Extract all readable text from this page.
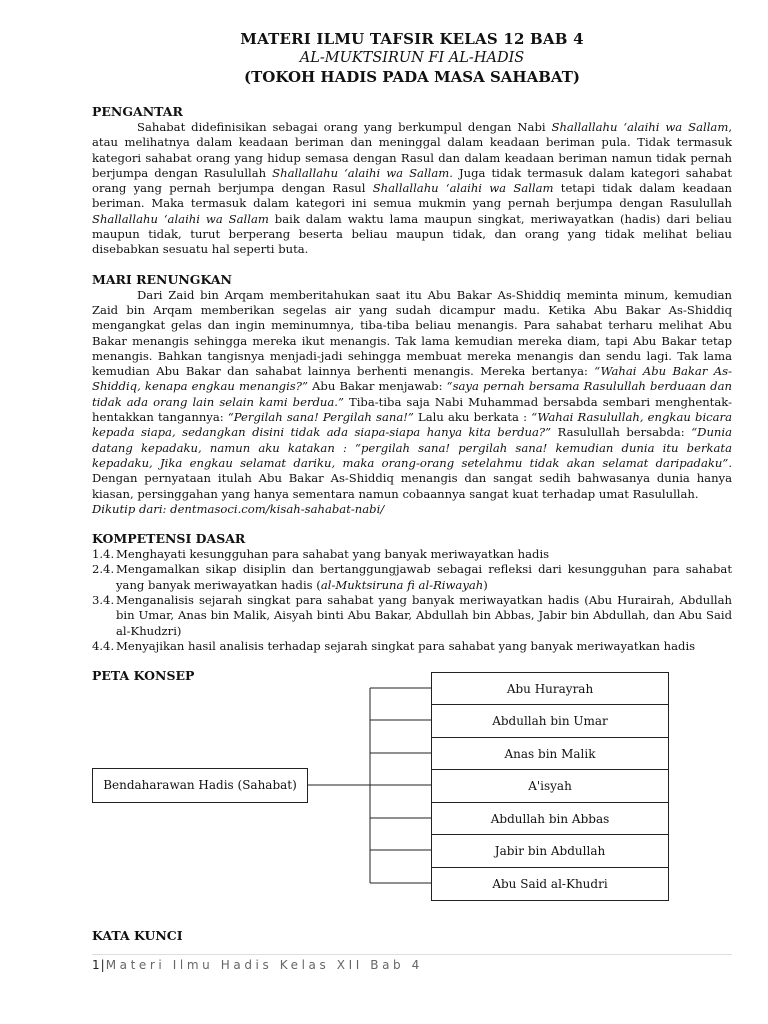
MATERI ILMU TAFSIR KELAS 12 BAB 4
AL-MUKTSIRUN FI AL-HADIS
(TOKOH HADIS PADA MASA SAHABAT)
PENGANTAR

Sahabat didefinisikan sebagai orang yang berkumpul dengan Nabi Shallallahu ‘alaihi wa Sallam, atau melihatnya dalam keadaan beriman dan meninggal dalam keadaan beriman pula. Tidak termasuk kategori sahabat orang yang hidup semasa dengan Rasul dan dalam keadaan beriman namun tidak pernah berjumpa dengan Rasulullah Shallallahu ‘alaihi wa Sallam. Juga tidak termasuk dalam kategori sahabat orang yang pernah berjumpa dengan Rasul Shallallahu ‘alaihi wa Sallam tetapi tidak dalam keadaan beriman. Maka termasuk dalam kategori ini semua mukmin yang pernah berjumpa dengan Rasulullah Shallallahu ‘alaihi wa Sallam baik dalam waktu lama maupun singkat, meriwayatkan (hadis) dari beliau maupun tidak, turut berperang beserta beliau maupun tidak, dan orang yang tidak melihat beliau disebabkan sesuatu hal seperti buta.

MARI RENUNGKAN

Dari Zaid bin Arqam memberitahukan saat itu Abu Bakar As-Shiddiq meminta minum, kemudian Zaid bin Arqam memberikan segelas air yang sudah dicampur madu. Ketika Abu Bakar As-Shiddiq mengangkat gelas dan ingin meminumnya, tiba-tiba beliau menangis. Para sahabat terharu melihat Abu Bakar menangis sehingga mereka ikut menangis. Tak lama kemudian mereka diam, tapi Abu Bakar tetap menangis. Bahkan tangisnya menjadi-jadi sehingga membuat mereka menangis dan sendu lagi. Tak lama kemudian Abu Bakar dan sahabat lainnya berhenti menangis. Mereka bertanya: “Wahai Abu Bakar As-Shiddiq, kenapa engkau menangis?” Abu Bakar menjawab: “saya pernah bersama Rasulullah berduaan dan tidak ada orang lain selain kami berdua.” Tiba-tiba saja Nabi Muhammad bersabda sembari menghentak-hentakkan tangannya: “Pergilah sana! Pergilah sana!” Lalu aku berkata : “Wahai Rasulullah, engkau bicara kepada siapa, sedangkan disini tidak ada siapa-siapa hanya kita berdua?” Rasulullah bersabda: “Dunia datang kepadaku, namun aku katakan : “pergilah sana! pergilah sana! kemudian dunia itu berkata kepadaku, Jika engkau selamat dariku, maka orang-orang setelahmu tidak akan selamat daripadaku”. Dengan pernyataan itulah Abu Bakar As-Shiddiq menangis dan sangat sedih bahwasanya dunia hanya kiasan, persinggahan yang hanya sementara namun cobaannya sangat kuat terhadap umat Rasulullah.

Dikutip dari: dentmasoci.com/kisah-sahabat-nabi/

KOMPETENSI DASAR
1.4. Menghayati kesungguhan para sahabat yang banyak meriwayatkan hadis
2.4. Mengamalkan sikap disiplin dan bertanggungjawab sebagai refleksi dari kesungguhan para sahabat yang banyak meriwayatkan hadis (al-Muktsiruna fi al-Riwayah)
3.4. Menganalisis sejarah singkat para sahabat yang banyak meriwayatkan hadis (Abu Hurairah, Abdullah bin Umar, Anas bin Malik, Aisyah binti Abu Bakar, Abdullah bin Abbas, Jabir bin Abdullah, dan Abu Said al-Khudzri)
4.4. Menyajikan hasil analisis terhadap sejarah singkat para sahabat yang banyak meriwayatkan hadis
PETA KONSEP
Bendaharawan Hadis (Sahabat)
Abu Hurayrah
Abdullah bin Umar
Anas bin Malik
A'isyah
Abdullah bin Abbas
Jabir bin Abdullah
Abu Said al-Khudri
KATA KUNCI
1|Materi Ilmu Hadis Kelas XII Bab 4
